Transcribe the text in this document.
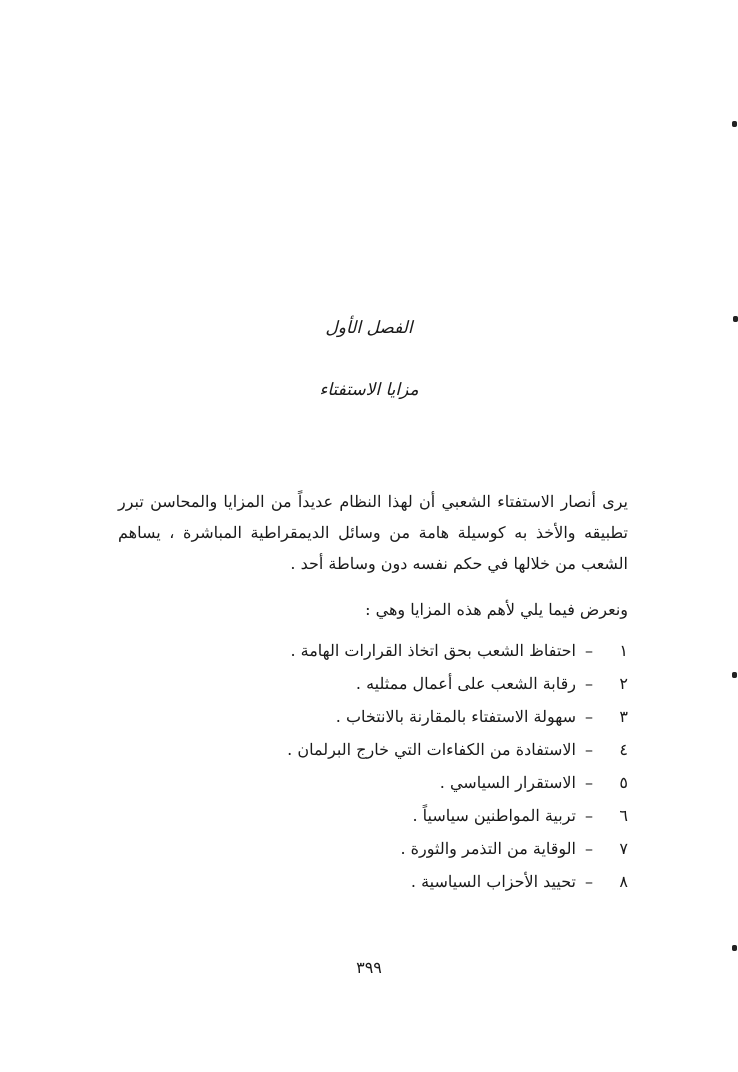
الفصل الأول
مزايا الاستفتاء

يرى أنصار الاستفتاء الشعبي أن لهذا النظام عديداً من المزايا والمحاسن تبرر تطبيقه والأخذ به كوسيلة هامة من وسائل الديمقراطية المباشرة ، يساهم الشعب من خلالها في حكم نفسه دون وساطة أحد .

ونعرض فيما يلي لأهم هذه المزايا وهي :

١–احتفاظ الشعب بحق اتخاذ القرارات الهامة .
٢–رقابة الشعب على أعمال ممثليه .
٣–سهولة الاستفتاء بالمقارنة بالانتخاب .
٤–الاستفادة من الكفاءات التي خارج البرلمان .
٥–الاستقرار السياسي .
٦–تربية المواطنين سياسياً .
٧–الوقاية من التذمر والثورة .
٨–تحييد الأحزاب السياسية .
٣٩٩
